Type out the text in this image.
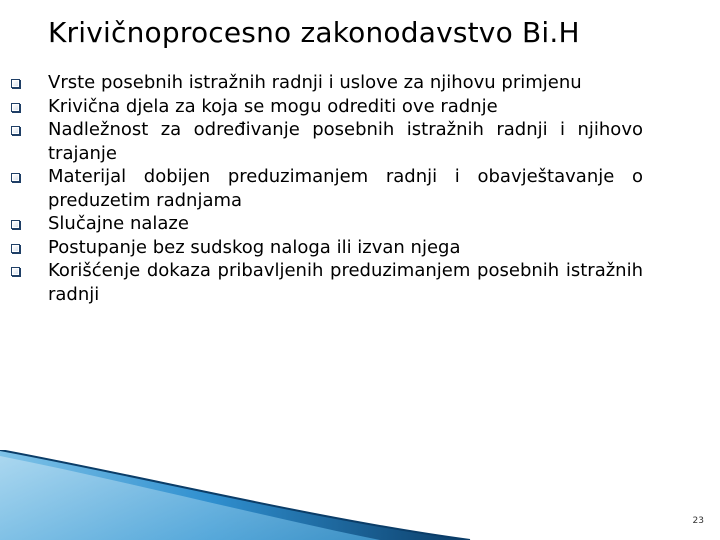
Krivičnoprocesno zakonodavstvo Bi.H
Vrste posebnih istražnih radnji i uslove za njihovu primjenu
Krivična djela za koja se mogu odrediti ove radnje
Nadležnost za određivanje posebnih istražnih radnji i njihovo trajanje
Materijal dobijen preduzimanjem radnji i obavještavanje o preduzetim radnjama
Slučajne nalaze
Postupanje bez sudskog naloga ili izvan njega
Korišćenje dokaza pribavljenih preduzimanjem posebnih istražnih radnji
23
